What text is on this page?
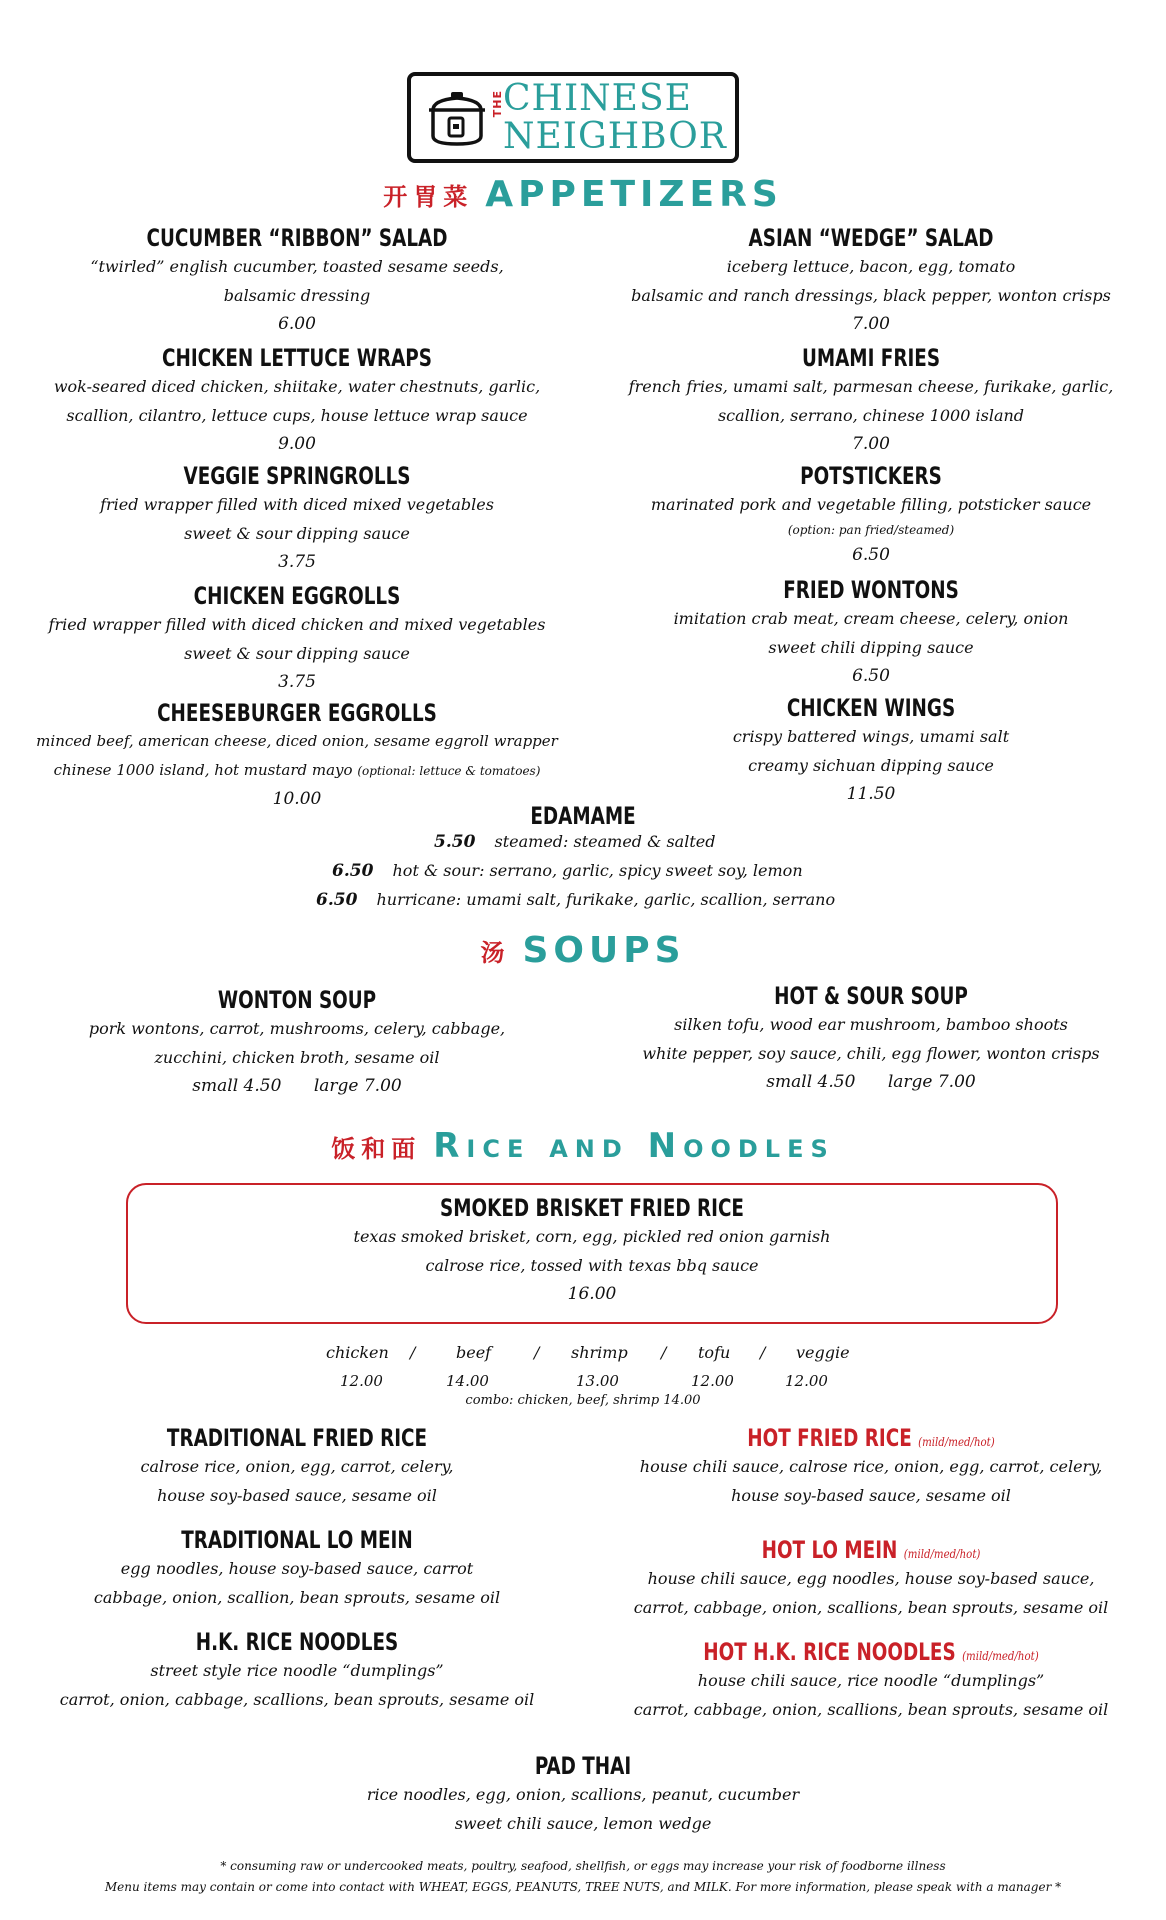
THE CHINESE
NEIGHBOR
开胃菜 APPETIZERS
CUCUMBER “RIBBON” SALAD
“twirled” english cucumber, toasted sesame seeds,
balsamic dressing
6.00
CHICKEN LETTUCE WRAPS
wok-seared diced chicken, shiitake, water chestnuts, garlic,
scallion, cilantro, lettuce cups, house lettuce wrap sauce
9.00
VEGGIE SPRINGROLLS
fried wrapper filled with diced mixed vegetables
sweet & sour dipping sauce
3.75
CHICKEN EGGROLLS
fried wrapper filled with diced chicken and mixed vegetables
sweet & sour dipping sauce
3.75
CHEESEBURGER EGGROLLS
minced beef, american cheese, diced onion, sesame eggroll wrapper
chinese 1000 island, hot mustard mayo (optional: lettuce & tomatoes)
10.00
ASIAN “WEDGE” SALAD
iceberg lettuce, bacon, egg, tomato
balsamic and ranch dressings, black pepper, wonton crisps
7.00
UMAMI FRIES
french fries, umami salt, parmesan cheese, furikake, garlic,
scallion, serrano, chinese 1000 island
7.00
POTSTICKERS
marinated pork and vegetable filling, potsticker sauce
(option: pan fried/steamed)
6.50
FRIED WONTONS
imitation crab meat, cream cheese, celery, onion
sweet chili dipping sauce
6.50
CHICKEN WINGS
crispy battered wings, umami salt
creamy sichuan dipping sauce
11.50
EDAMAME
5.50 steamed: steamed & salted
6.50 hot & sour: serrano, garlic, spicy sweet soy, lemon
6.50 hurricane: umami salt, furikake, garlic, scallion, serrano
汤 SOUPS
WONTON SOUP
pork wontons, carrot, mushrooms, celery, cabbage,
zucchini, chicken broth, sesame oil
small 4.50      large 7.00
HOT & SOUR SOUP
silken tofu, wood ear mushroom, bamboo shoots
white pepper, soy sauce, chili, egg flower, wonton crisps
small 4.50      large 7.00
饭和面 Rice and Noodles
SMOKED BRISKET FRIED RICE
texas smoked brisket, corn, egg, pickled red onion garnish
calrose rice, tossed with texas bbq sauce
16.00
chicken /	beef	/ shrimp / tofu / veggie
12.00	14.00	13.00	12.00	12.00
combo: chicken, beef, shrimp 14.00
TRADITIONAL FRIED RICE
calrose rice, onion, egg, carrot, celery,
house soy-based sauce, sesame oil
TRADITIONAL LO MEIN
egg noodles, house soy-based sauce, carrot
cabbage, onion, scallion, bean sprouts, sesame oil
H.K. RICE NOODLES
street style rice noodle “dumplings”
carrot, onion, cabbage, scallions, bean sprouts, sesame oil
HOT FRIED RICE (mild/med/hot)
house chili sauce, calrose rice, onion, egg, carrot, celery,
house soy-based sauce, sesame oil
HOT LO MEIN (mild/med/hot)
house chili sauce, egg noodles, house soy-based sauce,
carrot, cabbage, onion, scallions, bean sprouts, sesame oil
HOT H.K. RICE NOODLES (mild/med/hot)
house chili sauce, rice noodle “dumplings”
carrot, cabbage, onion, scallions, bean sprouts, sesame oil
PAD THAI
rice noodles, egg, onion, scallions, peanut, cucumber
sweet chili sauce, lemon wedge
* consuming raw or undercooked meats, poultry, seafood, shellfish, or eggs may increase your risk of foodborne illness
Menu items may contain or come into contact with WHEAT, EGGS, PEANUTS, TREE NUTS, and MILK. For more information, please speak with a manager *
